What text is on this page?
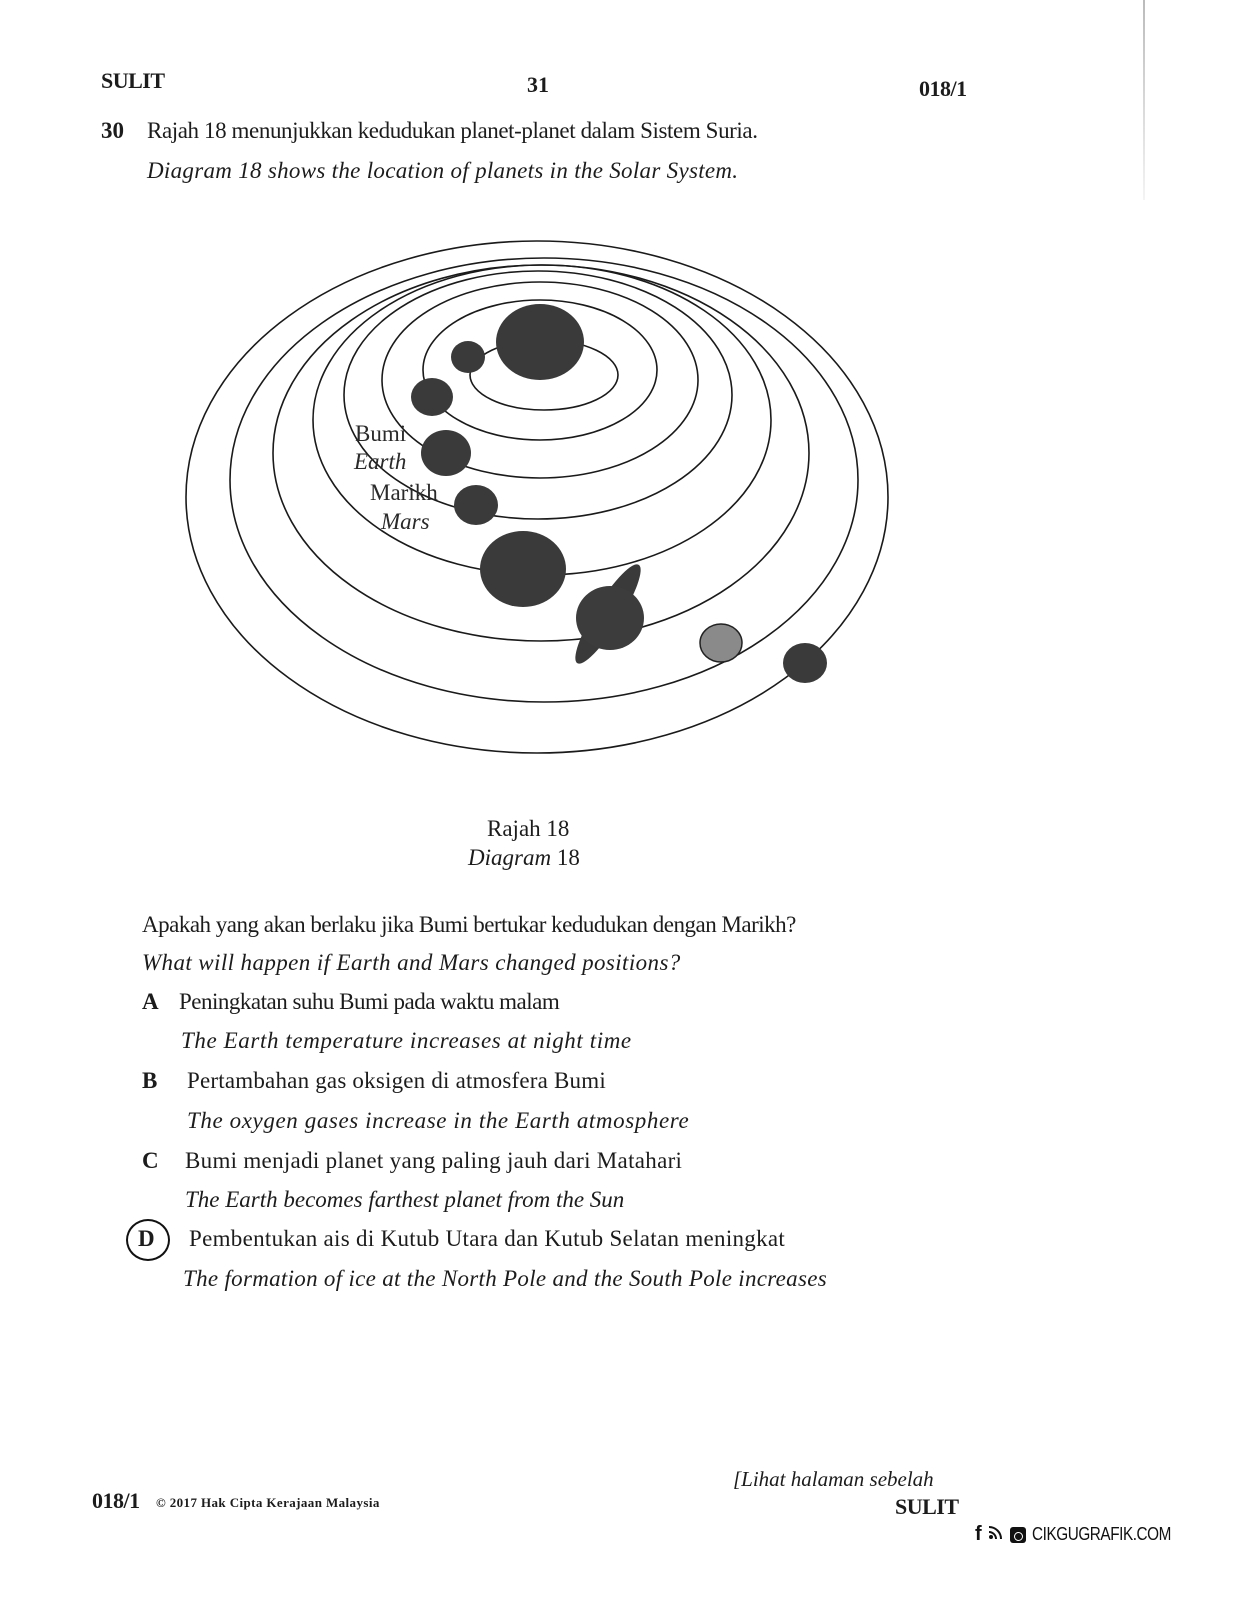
SULIT	31	018/1
30 Rajah 18 menunjukkan kedudukan planet-planet dalam Sistem Suria.
Diagram 18 shows the location of planets in the Solar System.
Bumi
Earth
Marikh
Mars
Rajah 18
Diagram 18
Apakah yang akan berlaku jika Bumi bertukar kedudukan dengan Marikh?
What will happen if Earth and Mars changed positions?
A Peningkatan suhu Bumi pada waktu malam
The Earth temperature increases at night time
B Pertambahan gas oksigen di atmosfera Bumi
The oxygen gases increase in the Earth atmosphere
C Bumi menjadi planet yang paling jauh dari Matahari
The Earth becomes farthest planet from the Sun
D Pembentukan ais di Kutub Utara dan Kutub Selatan meningkat
The formation of ice at the North Pole and the South Pole increases
018/1 © 2017 Hak Cipta Kerajaan Malaysia
[Lihat halaman sebelah
SULIT
f	CIKGUGRAFIK.COM
